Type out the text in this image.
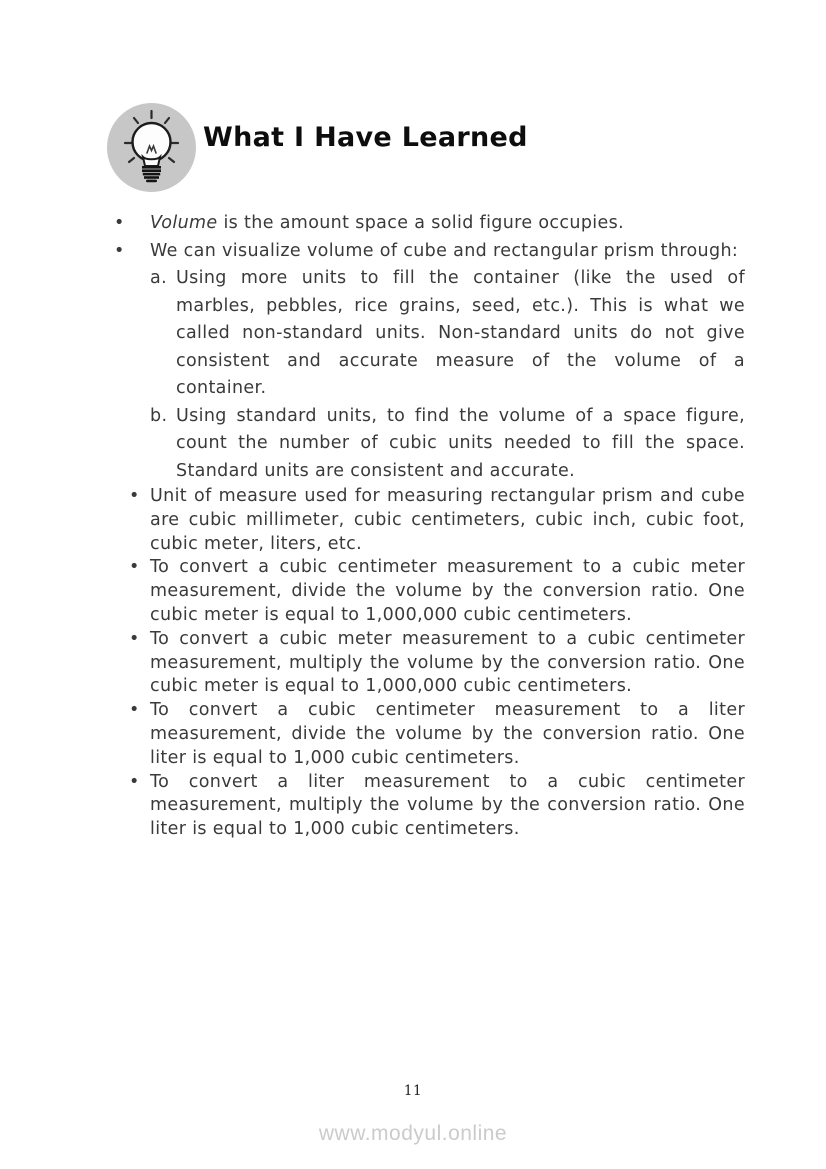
What I Have Learned
• Volume is the amount space a solid figure occupies.

• We can visualize volume of cube and rectangular prism through:

a. Using more units to fill the container (like the used of marbles, pebbles, rice grains, seed, etc.). This is what we called non-standard units. Non-standard units do not give consistent and accurate measure of the volume of a container.

b. Using standard units, to find the volume of a space figure, count the number of cubic units needed to fill the space. Standard units are consistent and accurate.

• Unit of measure used for measuring rectangular prism and cube are cubic millimeter, cubic centimeters, cubic inch, cubic foot, cubic meter, liters, etc.

• To convert a cubic centimeter measurement to a cubic meter measurement, divide the volume by the conversion ratio. One cubic meter is equal to 1,000,000 cubic centimeters.

• To convert a cubic meter measurement to a cubic centimeter measurement, multiply the volume by the conversion ratio. One cubic meter is equal to 1,000,000 cubic centimeters.

• To convert a cubic centimeter measurement to a liter measurement, divide the volume by the conversion ratio. One liter is equal to 1,000 cubic centimeters.

• To convert a liter measurement to a cubic centimeter measurement, multiply the volume by the conversion ratio. One liter is equal to 1,000 cubic centimeters.

11
www.modyul.online
